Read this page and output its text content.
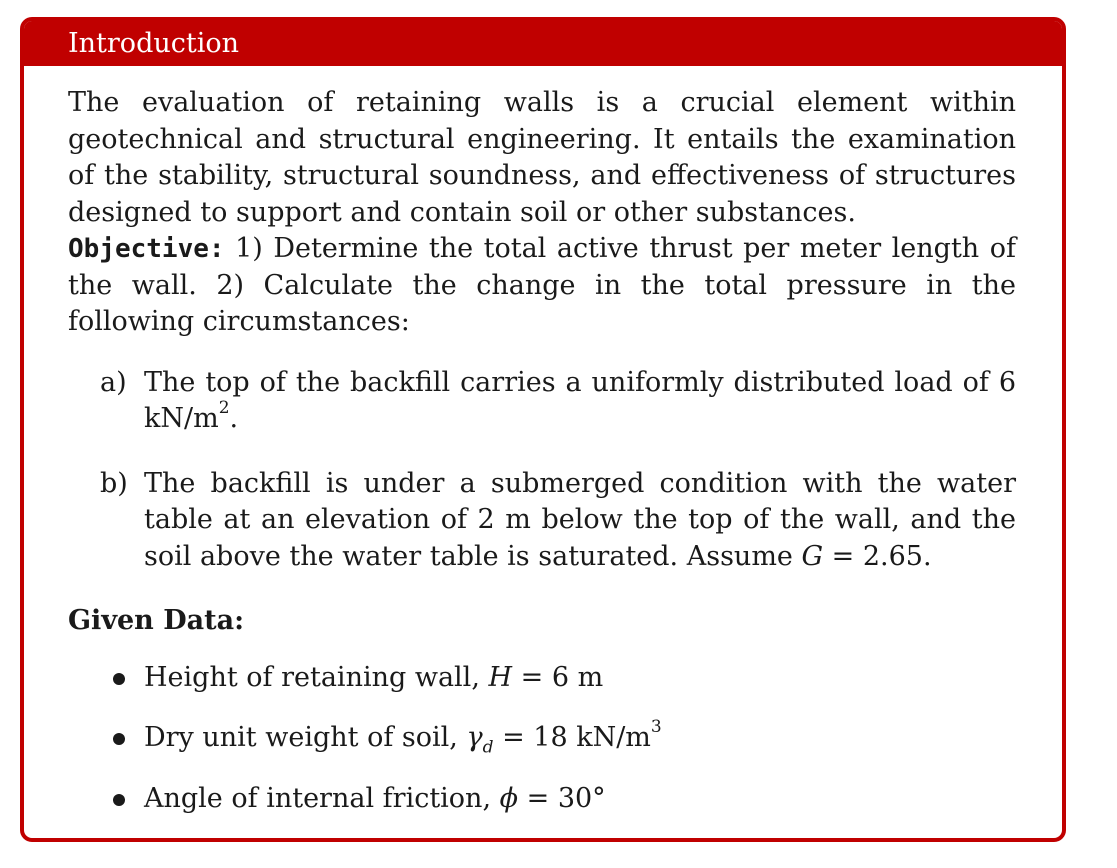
Introduction

The evaluation of retaining walls is a crucial element within geotechnical and structural engineering. It entails the examination of the stability, structural soundness, and effectiveness of structures designed to support and contain soil or other substances.

Objective: 1) Determine the total active thrust per meter length of the wall. 2) Calculate the change in the total pressure in the following circumstances:

a) The top of the backfill carries a uniformly distributed load of 6 $kN/m^2$.
b) The backfill is under a submerged condition with the water table at an elevation of 2 m below the top of the wall, and the soil above the water table is saturated. Assume G = 2.65.

Given Data:

Height of retaining wall, H = 6 m
Dry unit weight of soil, $\gamma_d = 18$ $kN/m^3$
Angle of internal friction, ϕ = 30°
